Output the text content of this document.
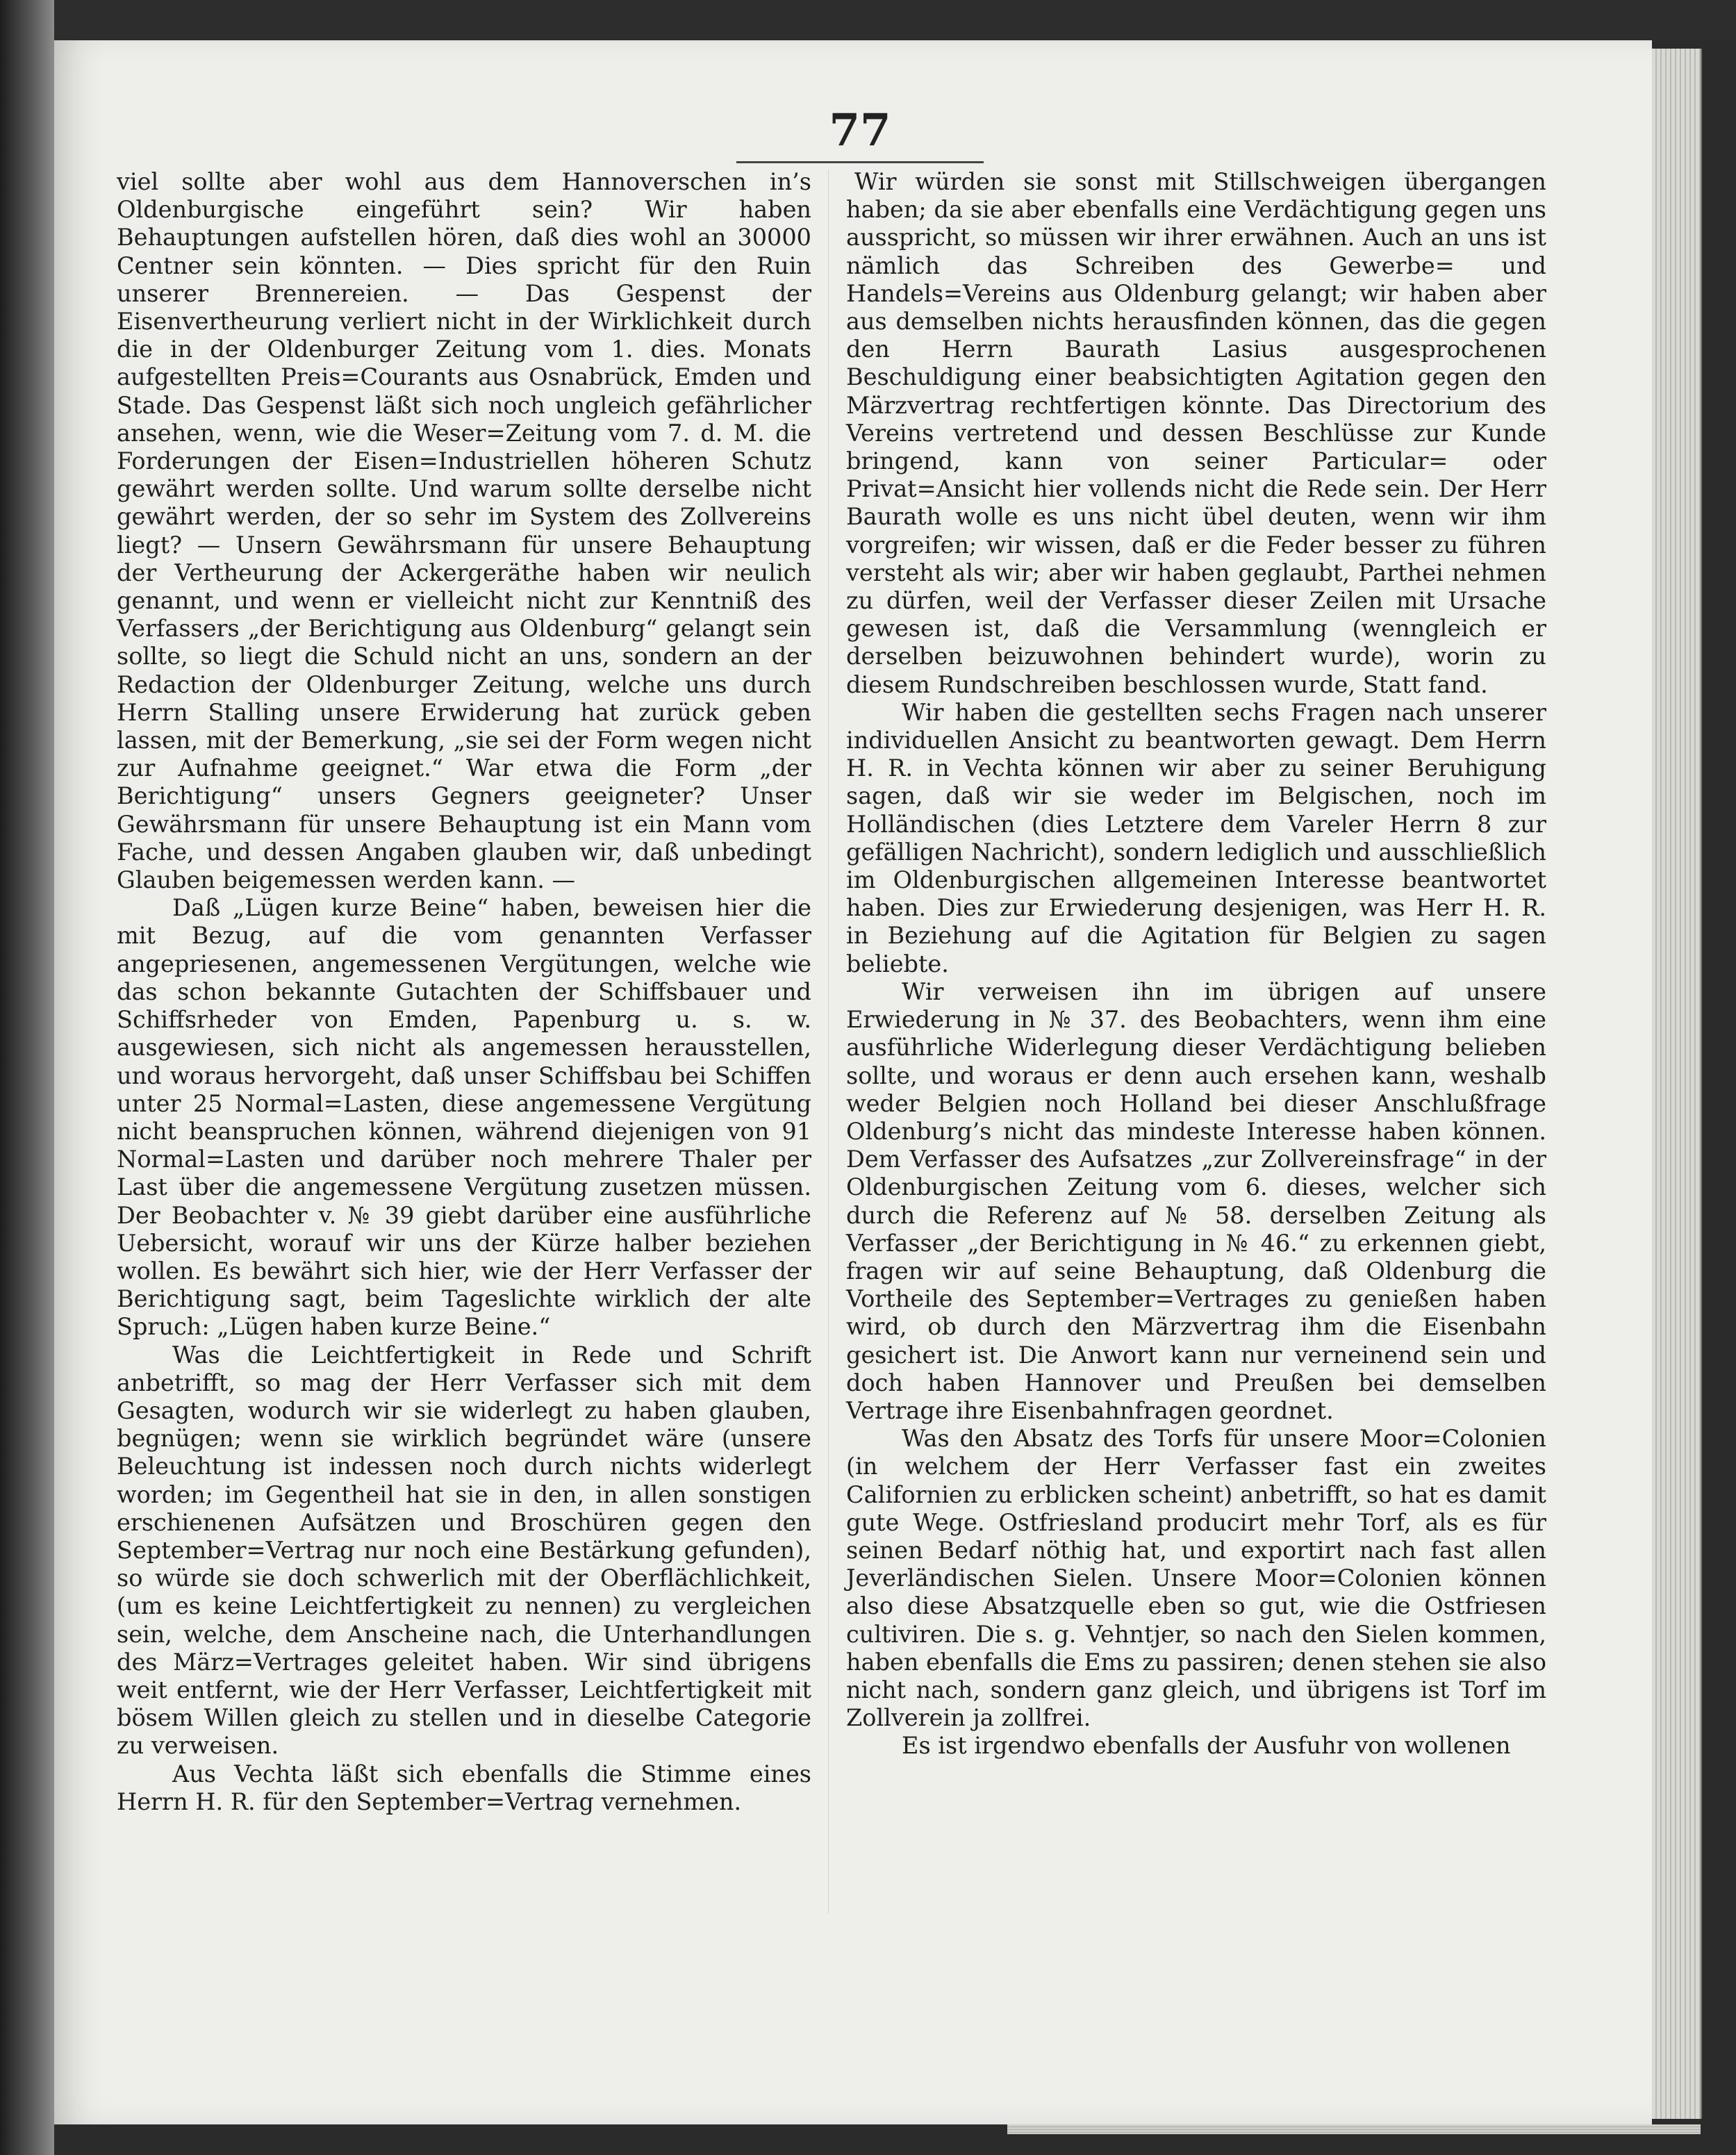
77

viel sollte aber wohl aus dem Hannoverschen in’s Oldenburgische eingeführt sein? Wir haben Behauptungen aufstellen hören, daß dies wohl an 30000 Centner sein könnten. — Dies spricht für den Ruin unserer Brennereien. — Das Gespenst der Eisenvertheurung verliert nicht in der Wirklichkeit durch die in der Oldenburger Zeitung vom 1. dies. Monats aufgestellten Preis=Courants aus Osnabrück, Emden und Stade. Das Gespenst läßt sich noch ungleich gefährlicher ansehen, wenn, wie die Weser=Zeitung vom 7. d. M. die Forderungen der Eisen=Industriellen höheren Schutz gewährt werden sollte. Und warum sollte derselbe nicht gewährt werden, der so sehr im System des Zollvereins liegt? — Unsern Gewährsmann für unsere Behauptung der Vertheurung der Ackergeräthe haben wir neulich genannt, und wenn er vielleicht nicht zur Kenntniß des Verfassers „der Berichtigung aus Oldenburg“ gelangt sein sollte, so liegt die Schuld nicht an uns, sondern an der Redaction der Oldenburger Zeitung, welche uns durch Herrn Stalling unsere Erwiderung hat zurück geben lassen, mit der Bemerkung, „sie sei der Form wegen nicht zur Aufnahme geeignet.“ War etwa die Form „der Berichtigung“ unsers Gegners geeigneter? Unser Gewährsmann für unsere Behauptung ist ein Mann vom Fache, und dessen Angaben glauben wir, daß unbedingt Glauben beigemessen werden kann. —

Daß „Lügen kurze Beine“ haben, beweisen hier die mit Bezug, auf die vom genannten Verfasser angepriesenen, angemessenen Vergütungen, welche wie das schon bekannte Gutachten der Schiffsbauer und Schiffsrheder von Emden, Papenburg u. s. w. ausgewiesen, sich nicht als angemessen herausstellen, und woraus hervorgeht, daß unser Schiffsbau bei Schiffen unter 25 Normal=Lasten, diese angemessene Vergütung nicht beanspruchen können, während diejenigen von 91 Normal=Lasten und darüber noch mehrere Thaler per Last über die angemessene Vergütung zusetzen müssen. Der Beobachter v. № 39 giebt darüber eine ausführliche Uebersicht, worauf wir uns der Kürze halber beziehen wollen. Es bewährt sich hier, wie der Herr Verfasser der Berichtigung sagt, beim Tageslichte wirklich der alte Spruch: „Lügen haben kurze Beine.“

Was die Leichtfertigkeit in Rede und Schrift anbetrifft, so mag der Herr Verfasser sich mit dem Gesagten, wodurch wir sie widerlegt zu haben glauben, begnügen; wenn sie wirklich begründet wäre (unsere Beleuchtung ist indessen noch durch nichts widerlegt worden; im Gegentheil hat sie in den, in allen sonstigen erschienenen Aufsätzen und Broschüren gegen den September=Vertrag nur noch eine Bestärkung gefunden), so würde sie doch schwerlich mit der Oberflächlichkeit, (um es keine Leichtfertigkeit zu nennen) zu vergleichen sein, welche, dem Anscheine nach, die Unterhandlungen des März=Vertrages geleitet haben. Wir sind übrigens weit entfernt, wie der Herr Verfasser, Leichtfertigkeit mit bösem Willen gleich zu stellen und in dieselbe Categorie zu verweisen.

Aus Vechta läßt sich ebenfalls die Stimme eines Herrn H. R. für den September=Vertrag vernehmen.

Wir würden sie sonst mit Stillschweigen übergangen haben; da sie aber ebenfalls eine Verdächtigung gegen uns ausspricht, so müssen wir ihrer erwähnen. Auch an uns ist nämlich das Schreiben des Gewerbe= und Handels=Vereins aus Oldenburg gelangt; wir haben aber aus demselben nichts herausfinden können, das die gegen den Herrn Baurath Lasius ausgesprochenen Beschuldigung einer beabsichtigten Agitation gegen den Märzvertrag rechtfertigen könnte. Das Directorium des Vereins vertretend und dessen Beschlüsse zur Kunde bringend, kann von seiner Particular= oder Privat=Ansicht hier vollends nicht die Rede sein. Der Herr Baurath wolle es uns nicht übel deuten, wenn wir ihm vorgreifen; wir wissen, daß er die Feder besser zu führen versteht als wir; aber wir haben geglaubt, Parthei nehmen zu dürfen, weil der Verfasser dieser Zeilen mit Ursache gewesen ist, daß die Versammlung (wenngleich er derselben beizuwohnen behindert wurde), worin zu diesem Rundschreiben beschlossen wurde, Statt fand.

Wir haben die gestellten sechs Fragen nach unserer individuellen Ansicht zu beantworten gewagt. Dem Herrn H. R. in Vechta können wir aber zu seiner Beruhigung sagen, daß wir sie weder im Belgischen, noch im Holländischen (dies Letztere dem Vareler Herrn 8 zur gefälligen Nachricht), sondern lediglich und ausschließlich im Oldenburgischen allgemeinen Interesse beantwortet haben. Dies zur Erwiederung desjenigen, was Herr H. R. in Beziehung auf die Agitation für Belgien zu sagen beliebte.

Wir verweisen ihn im übrigen auf unsere Erwiederung in № 37. des Beobachters, wenn ihm eine ausführliche Widerlegung dieser Verdächtigung belieben sollte, und woraus er denn auch ersehen kann, weshalb weder Belgien noch Holland bei dieser Anschlußfrage Oldenburg’s nicht das mindeste Interesse haben können. Dem Verfasser des Aufsatzes „zur Zollvereinsfrage“ in der Oldenburgischen Zeitung vom 6. dieses, welcher sich durch die Referenz auf № 58. derselben Zeitung als Verfasser „der Berichtigung in № 46.“ zu erkennen giebt, fragen wir auf seine Behauptung, daß Oldenburg die Vortheile des September=Vertrages zu genießen haben wird, ob durch den Märzvertrag ihm die Eisenbahn gesichert ist. Die Anwort kann nur verneinend sein und doch haben Hannover und Preußen bei demselben Vertrage ihre Eisenbahnfragen geordnet.

Was den Absatz des Torfs für unsere Moor=Colonien (in welchem der Herr Verfasser fast ein zweites Californien zu erblicken scheint) anbetrifft, so hat es damit gute Wege. Ostfriesland producirt mehr Torf, als es für seinen Bedarf nöthig hat, und exportirt nach fast allen Jeverländischen Sielen. Unsere Moor=Colonien können also diese Absatzquelle eben so gut, wie die Ostfriesen cultiviren. Die s. g. Vehntjer, so nach den Sielen kommen, haben ebenfalls die Ems zu passiren; denen stehen sie also nicht nach, sondern ganz gleich, und übrigens ist Torf im Zollverein ja zollfrei.

Es ist irgendwo ebenfalls der Ausfuhr von wollenen
